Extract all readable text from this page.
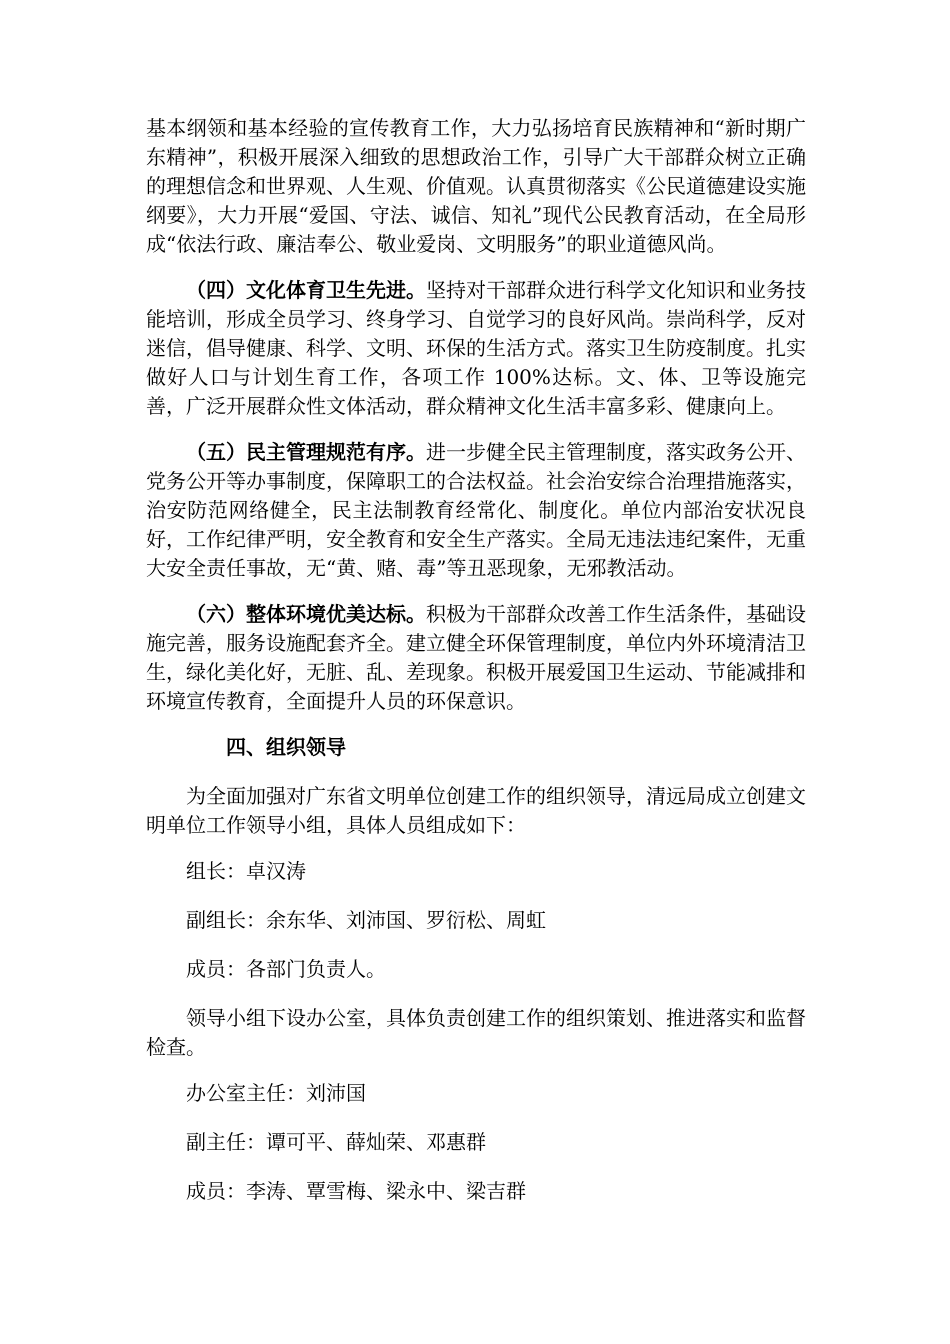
基本纲领和基本经验的宣传教育工作，大力弘扬培育民族精神和“新时期广东精神”，积极开展深入细致的思想政治工作，引导广大干部群众树立正确的理想信念和世界观、人生观、价值观。认真贯彻落实《公民道德建设实施纲要》，大力开展“爱国、守法、诚信、知礼”现代公民教育活动，在全局形成“依法行政、廉洁奉公、敬业爱岗、文明服务”的职业道德风尚。

（四）文化体育卫生先进。坚持对干部群众进行科学文化知识和业务技能培训，形成全员学习、终身学习、自觉学习的良好风尚。崇尚科学，反对迷信，倡导健康、科学、文明、环保的生活方式。落实卫生防疫制度。扎实做好人口与计划生育工作，各项工作 100%达标。文、体、卫等设施完善，广泛开展群众性文体活动，群众精神文化生活丰富多彩、健康向上。

（五）民主管理规范有序。进一步健全民主管理制度，落实政务公开、党务公开等办事制度，保障职工的合法权益。社会治安综合治理措施落实，治安防范网络健全，民主法制教育经常化、制度化。单位内部治安状况良好，工作纪律严明，安全教育和安全生产落实。全局无违法违纪案件，无重大安全责任事故，无“黄、赌、毒”等丑恶现象，无邪教活动。

（六）整体环境优美达标。积极为干部群众改善工作生活条件，基础设施完善，服务设施配套齐全。建立健全环保管理制度，单位内外环境清洁卫生，绿化美化好，无脏、乱、差现象。积极开展爱国卫生运动、节能减排和环境宣传教育，全面提升人员的环保意识。

四、组织领导

为全面加强对广东省文明单位创建工作的组织领导，清远局成立创建文明单位工作领导小组，具体人员组成如下：

组长：卓汉涛

副组长：余东华、刘沛国、罗衍松、周虹

成员：各部门负责人。

领导小组下设办公室，具体负责创建工作的组织策划、推进落实和监督检查。

办公室主任：刘沛国

副主任：谭可平、薛灿荣、邓惠群

成员：李涛、覃雪梅、梁永中、梁吉群
